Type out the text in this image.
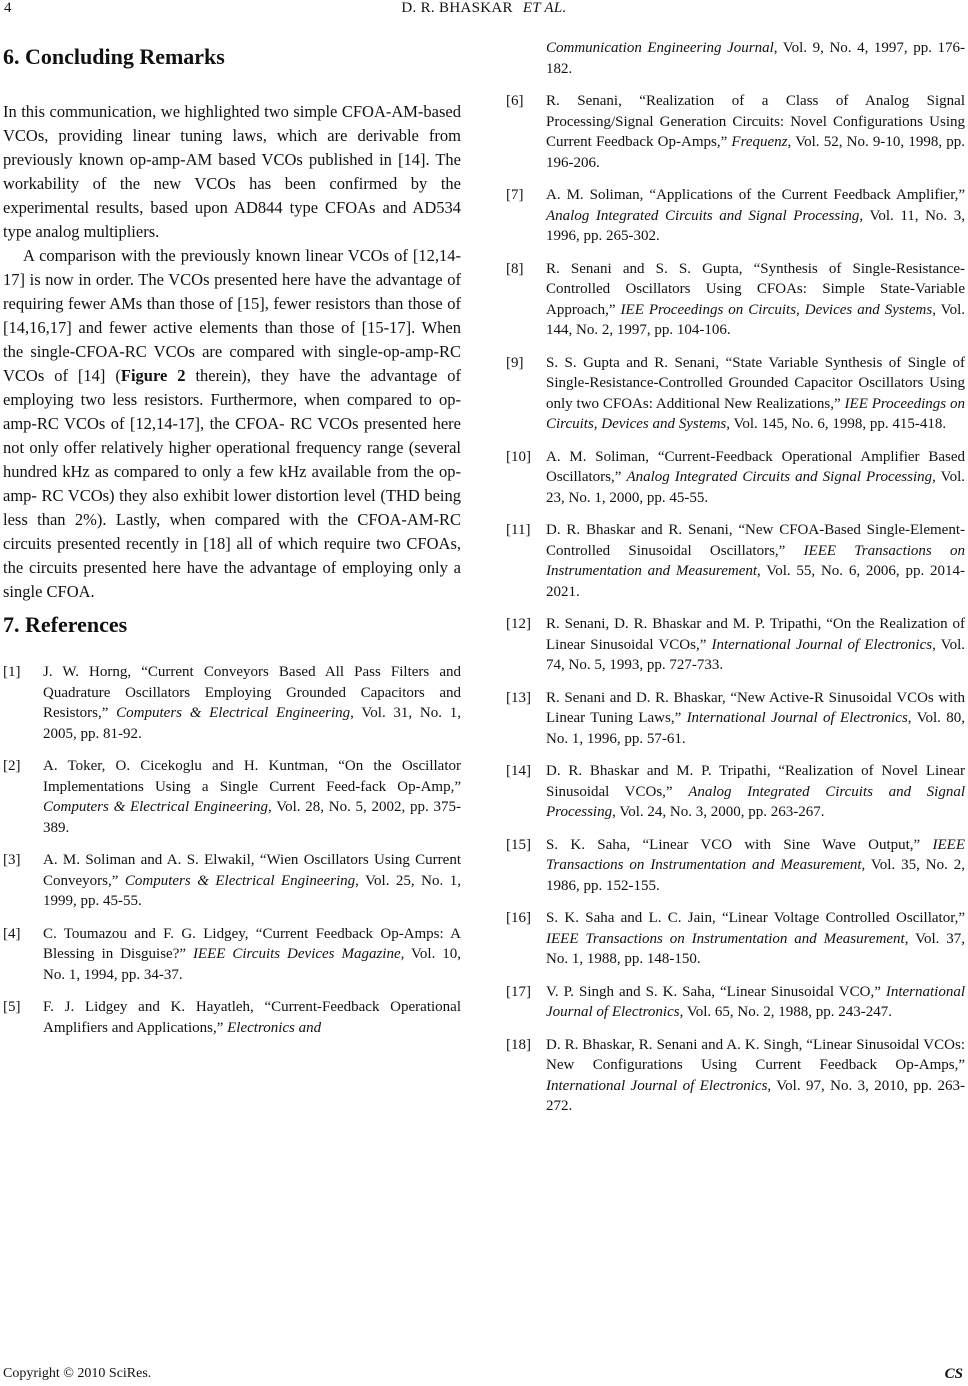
4	D. R. BHASKAR ET AL.
6. Concluding Remarks

In this communication, we highlighted two simple CFOA-AM-based VCOs, providing linear tuning laws, which are derivable from previously known op-amp-AM based VCOs published in [14]. The workability of the new VCOs has been confirmed by the experimental results, based upon AD844 type CFOAs and AD534 type analog multipliers.

A comparison with the previously known linear VCOs of [12,14-17] is now in order. The VCOs presented here have the advantage of requiring fewer AMs than those of [15], fewer resistors than those of [14,16,17] and fewer active elements than those of [15-17]. When the single-CFOA-RC VCOs are compared with single-op-amp-RC VCOs of [14] (Figure 2 therein), they have the advantage of employing two less resistors. Furthermore, when compared to op-amp-RC VCOs of [12,14-17], the CFOA- RC VCOs presented here not only offer relatively higher operational frequency range (several hundred kHz as compared to only a few kHz available from the op-amp- RC VCOs) they also exhibit lower distortion level (THD being less than 2%). Lastly, when compared with the CFOA-AM-RC circuits presented recently in [18] all of which require two CFOAs, the circuits presented here have the advantage of employing only a single CFOA.

7. References
[1]	J. W. Horng, “Current Conveyors Based All Pass Filters and Quadrature Oscillators Employing Grounded Capacitors and Resistors,” Computers & Electrical Engineering, Vol. 31, No. 1, 2005, pp. 81-92.
[2]	A. Toker, O. Cicekoglu and H. Kuntman, “On the Oscillator Implementations Using a Single Current Feed-fack Op-Amp,” Computers & Electrical Engineering, Vol. 28, No. 5, 2002, pp. 375-389.
[3]	A. M. Soliman and A. S. Elwakil, “Wien Oscillators Using Current Conveyors,” Computers & Electrical Engineering, Vol. 25, No. 1, 1999, pp. 45-55.
[4]	C. Toumazou and F. G. Lidgey, “Current Feedback Op-Amps: A Blessing in Disguise?” IEEE Circuits Devices Magazine, Vol. 10, No. 1, 1994, pp. 34-37.
[5]	F. J. Lidgey and K. Hayatleh, “Current-Feedback Operational Amplifiers and Applications,” Electronics and

Communication Engineering Journal, Vol. 9, No. 4, 1997, pp. 176-182.

[6]	R. Senani, “Realization of a Class of Analog Signal Processing/Signal Generation Circuits: Novel Configurations Using Current Feedback Op-Amps,” Frequenz, Vol. 52, No. 9-10, 1998, pp. 196-206.
[7]	A. M. Soliman, “Applications of the Current Feedback Amplifier,” Analog Integrated Circuits and Signal Processing, Vol. 11, No. 3, 1996, pp. 265-302.
[8]	R. Senani and S. S. Gupta, “Synthesis of Single-Resistance-Controlled Oscillators Using CFOAs: Simple State-Variable Approach,” IEE Proceedings on Circuits, Devices and Systems, Vol. 144, No. 2, 1997, pp. 104-106.
[9]	S. S. Gupta and R. Senani, “State Variable Synthesis of Single of Single-Resistance-Controlled Grounded Capacitor Oscillators Using only two CFOAs: Additional New Realizations,” IEE Proceedings on Circuits, Devices and Systems, Vol. 145, No. 6, 1998, pp. 415-418.
[10]	A. M. Soliman, “Current-Feedback Operational Amplifier Based Oscillators,” Analog Integrated Circuits and Signal Processing, Vol. 23, No. 1, 2000, pp. 45-55.
[11]	D. R. Bhaskar and R. Senani, “New CFOA-Based Single-Element-Controlled Sinusoidal Oscillators,” IEEE Transactions on Instrumentation and Measurement, Vol. 55, No. 6, 2006, pp. 2014-2021.
[12]	R. Senani, D. R. Bhaskar and M. P. Tripathi, “On the Realization of Linear Sinusoidal VCOs,” International Journal of Electronics, Vol. 74, No. 5, 1993, pp. 727-733.
[13]	R. Senani and D. R. Bhaskar, “New Active-R Sinusoidal VCOs with Linear Tuning Laws,” International Journal of Electronics, Vol. 80, No. 1, 1996, pp. 57-61.
[14]	D. R. Bhaskar and M. P. Tripathi, “Realization of Novel Linear Sinusoidal VCOs,” Analog Integrated Circuits and Signal Processing, Vol. 24, No. 3, 2000, pp. 263-267.
[15]	S. K. Saha, “Linear VCO with Sine Wave Output,” IEEE Transactions on Instrumentation and Measurement, Vol. 35, No. 2, 1986, pp. 152-155.
[16]	S. K. Saha and L. C. Jain, “Linear Voltage Controlled Oscillator,” IEEE Transactions on Instrumentation and Measurement, Vol. 37, No. 1, 1988, pp. 148-150.
[17]	V. P. Singh and S. K. Saha, “Linear Sinusoidal VCO,” International Journal of Electronics, Vol. 65, No. 2, 1988, pp. 243-247.
[18]	D. R. Bhaskar, R. Senani and A. K. Singh, “Linear Sinusoidal VCOs: New Configurations Using Current Feedback Op-Amps,” International Journal of Electronics, Vol. 97, No. 3, 2010, pp. 263-272.
Copyright © 2010 SciRes.	CS
